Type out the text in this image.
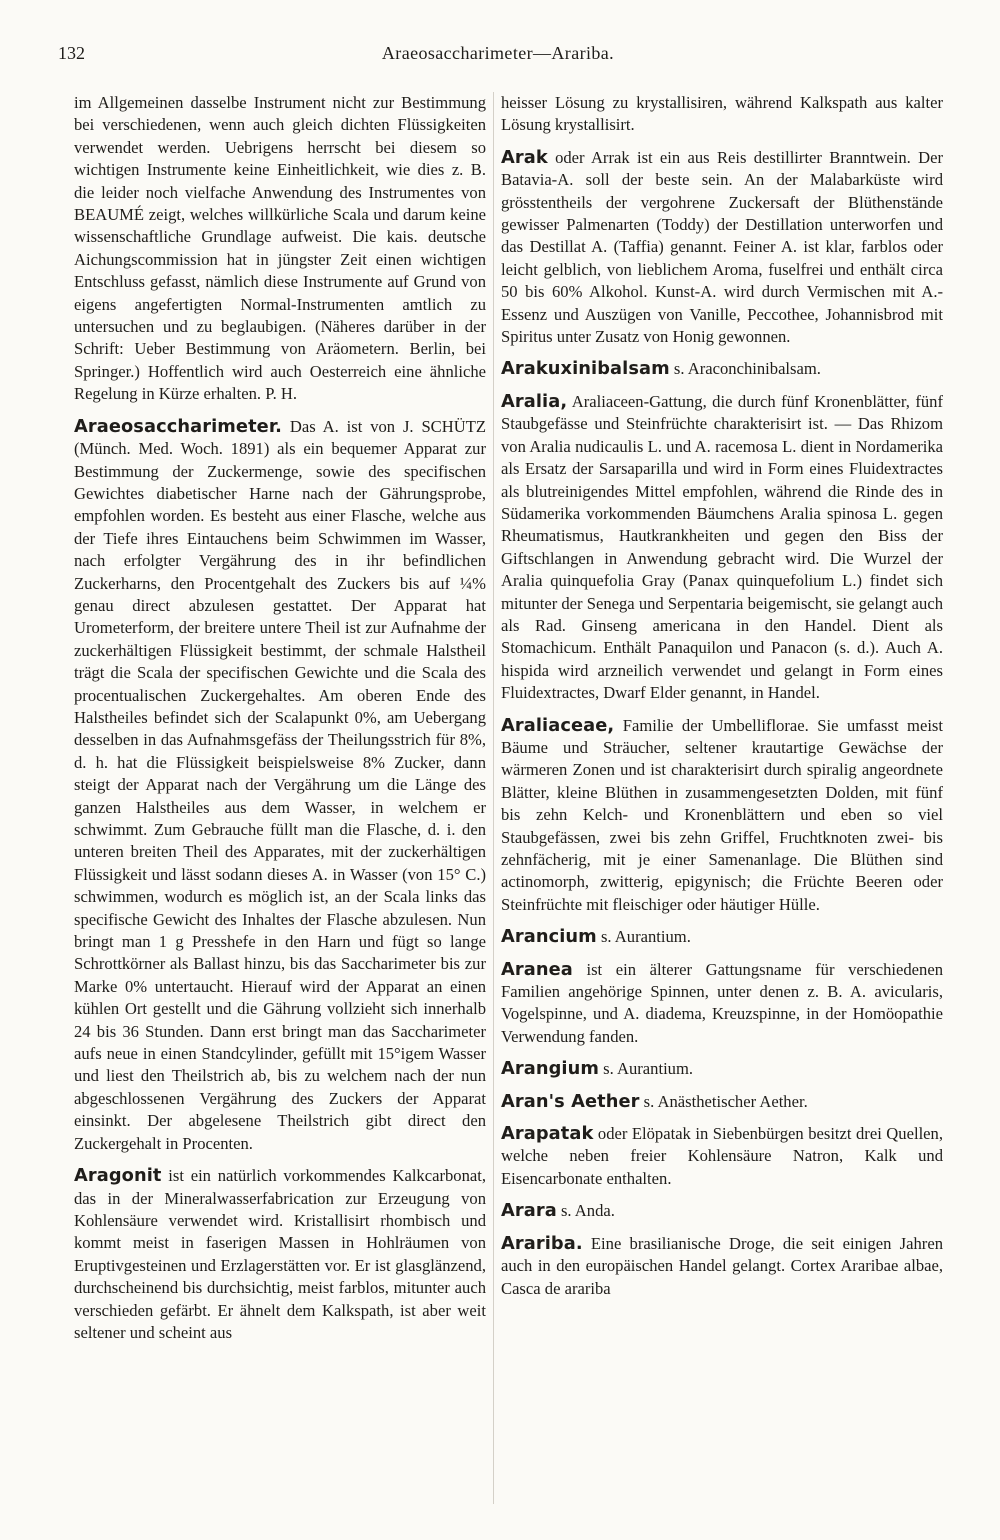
132	Araeosaccharimeter—Arariba.

im Allgemeinen dasselbe Instrument nicht zur Bestimmung bei verschiedenen, wenn auch gleich dichten Flüssigkeiten verwendet werden. Uebrigens herrscht bei diesem so wichtigen Instrumente keine Einheitlichkeit, wie dies z. B. die leider noch vielfache Anwendung des Instrumentes von BEAUMÉ zeigt, welches willkürliche Scala und darum keine wissenschaftliche Grundlage aufweist. Die kais. deutsche Aichungscommission hat in jüngster Zeit einen wichtigen Entschluss gefasst, nämlich diese Instrumente auf Grund von eigens angefertigten Normal-Instrumenten amtlich zu untersuchen und zu beglaubigen. (Näheres darüber in der Schrift: Ueber Bestimmung von Aräometern. Berlin, bei Springer.) Hoffentlich wird auch Oesterreich eine ähnliche Regelung in Kürze erhalten. P. H.

Araeosaccharimeter. Das A. ist von J. SCHÜTZ (Münch. Med. Woch. 1891) als ein bequemer Apparat zur Bestimmung der Zuckermenge, sowie des specifischen Gewichtes diabetischer Harne nach der Gährungsprobe, empfohlen worden. Es besteht aus einer Flasche, welche aus der Tiefe ihres Eintauchens beim Schwimmen im Wasser, nach erfolgter Vergährung des in ihr befindlichen Zuckerharns, den Procentgehalt des Zuckers bis auf ¼% genau direct abzulesen gestattet. Der Apparat hat Urometerform, der breitere untere Theil ist zur Aufnahme der zuckerhältigen Flüssigkeit bestimmt, der schmale Halstheil trägt die Scala der specifischen Gewichte und die Scala des procentualischen Zuckergehaltes. Am oberen Ende des Halstheiles befindet sich der Scalapunkt 0%, am Uebergang desselben in das Aufnahmsgefäss der Theilungsstrich für 8%, d. h. hat die Flüssigkeit beispielsweise 8% Zucker, dann steigt der Apparat nach der Vergährung um die Länge des ganzen Halstheiles aus dem Wasser, in welchem er schwimmt. Zum Gebrauche füllt man die Flasche, d. i. den unteren breiten Theil des Apparates, mit der zuckerhältigen Flüssigkeit und lässt sodann dieses A. in Wasser (von 15° C.) schwimmen, wodurch es möglich ist, an der Scala links das specifische Gewicht des Inhaltes der Flasche abzulesen. Nun bringt man 1 g Presshefe in den Harn und fügt so lange Schrottkörner als Ballast hinzu, bis das Saccharimeter bis zur Marke 0% untertaucht. Hierauf wird der Apparat an einen kühlen Ort gestellt und die Gährung vollzieht sich innerhalb 24 bis 36 Stunden. Dann erst bringt man das Saccharimeter aufs neue in einen Standcylinder, gefüllt mit 15°igem Wasser und liest den Theilstrich ab, bis zu welchem nach der nun abgeschlossenen Vergährung des Zuckers der Apparat einsinkt. Der abgelesene Theilstrich gibt direct den Zuckergehalt in Procenten.

Aragonit ist ein natürlich vorkommendes Kalkcarbonat, das in der Mineralwasserfabrication zur Erzeugung von Kohlensäure verwendet wird. Kristallisirt rhombisch und kommt meist in faserigen Massen in Hohlräumen von Eruptivgesteinen und Erzlagerstätten vor. Er ist glasglänzend, durchscheinend bis durchsichtig, meist farblos, mitunter auch verschieden gefärbt. Er ähnelt dem Kalkspath, ist aber weit seltener und scheint aus

heisser Lösung zu krystallisiren, während Kalkspath aus kalter Lösung krystallisirt.

Arak oder Arrak ist ein aus Reis destillirter Branntwein. Der Batavia-A. soll der beste sein. An der Malabarküste wird grösstentheils der vergohrene Zuckersaft der Blüthenstände gewisser Palmenarten (Toddy) der Destillation unterworfen und das Destillat A. (Taffia) genannt. Feiner A. ist klar, farblos oder leicht gelblich, von lieblichem Aroma, fuselfrei und enthält circa 50 bis 60% Alkohol. Kunst-A. wird durch Vermischen mit A.-Essenz und Auszügen von Vanille, Peccothee, Johannisbrod mit Spiritus unter Zusatz von Honig gewonnen.

Arakuxinibalsam s. Araconchinibalsam.

Aralia, Araliaceen-Gattung, die durch fünf Kronenblätter, fünf Staubgefässe und Steinfrüchte charakterisirt ist. — Das Rhizom von Aralia nudicaulis L. und A. racemosa L. dient in Nordamerika als Ersatz der Sarsaparilla und wird in Form eines Fluidextractes als blutreinigendes Mittel empfohlen, während die Rinde des in Südamerika vorkommenden Bäumchens Aralia spinosa L. gegen Rheumatismus, Hautkrankheiten und gegen den Biss der Giftschlangen in Anwendung gebracht wird. Die Wurzel der Aralia quinquefolia Gray (Panax quinquefolium L.) findet sich mitunter der Senega und Serpentaria beigemischt, sie gelangt auch als Rad. Ginseng americana in den Handel. Dient als Stomachicum. Enthält Panaquilon und Panacon (s. d.). Auch A. hispida wird arzneilich verwendet und gelangt in Form eines Fluidextractes, Dwarf Elder genannt, in Handel.

Araliaceae, Familie der Umbelliflorae. Sie umfasst meist Bäume und Sträucher, seltener krautartige Gewächse der wärmeren Zonen und ist charakterisirt durch spiralig angeordnete Blätter, kleine Blüthen in zusammengesetzten Dolden, mit fünf bis zehn Kelch- und Kronenblättern und eben so viel Staubgefässen, zwei bis zehn Griffel, Fruchtknoten zwei- bis zehnfächerig, mit je einer Samenanlage. Die Blüthen sind actinomorph, zwitterig, epigynisch; die Früchte Beeren oder Steinfrüchte mit fleischiger oder häutiger Hülle.

Arancium s. Aurantium.

Aranea ist ein älterer Gattungsname für verschiedenen Familien angehörige Spinnen, unter denen z. B. A. avicularis, Vogelspinne, und A. diadema, Kreuzspinne, in der Homöopathie Verwendung fanden.

Arangium s. Aurantium.

Aran's Aether s. Anästhetischer Aether.

Arapatak oder Elöpatak in Siebenbürgen besitzt drei Quellen, welche neben freier Kohlensäure Natron, Kalk und Eisencarbonate enthalten.

Arara s. Anda.

Arariba. Eine brasilianische Droge, die seit einigen Jahren auch in den europäischen Handel gelangt. Cortex Araribae albae, Casca de arariba
